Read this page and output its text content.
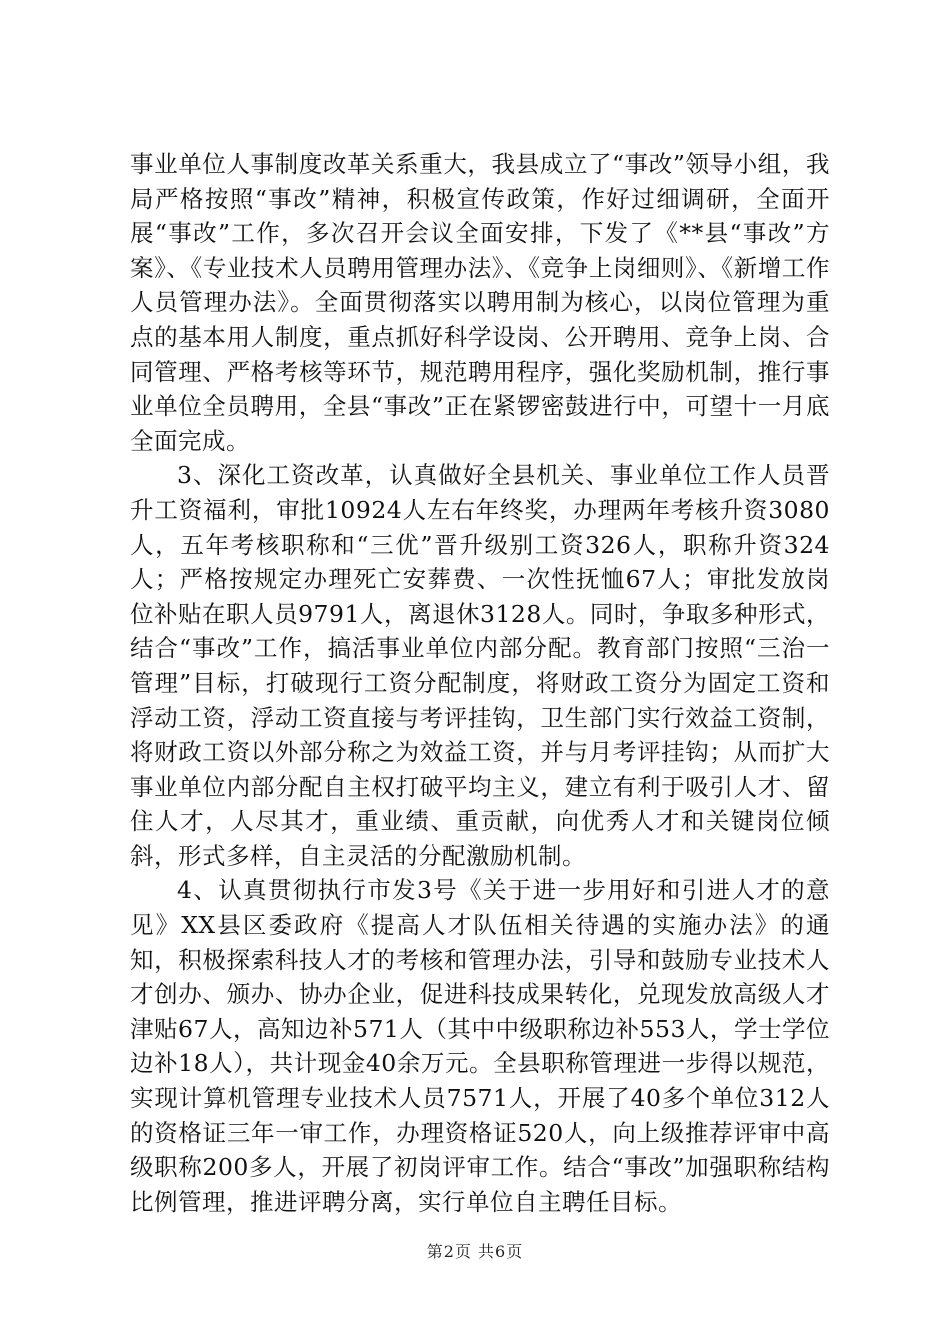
事业单位人事制度改革关系重大，我县成立了“事改”领导小组，我局严格按照“事改”精神，积极宣传政策，作好过细调研，全面开展“事改”工作，多次召开会议全面安排，下发了《**县“事改”方案》、《专业技术人员聘用管理办法》、《竞争上岗细则》、《新增工作人员管理办法》。全面贯彻落实以聘用制为核心，以岗位管理为重点的基本用人制度，重点抓好科学设岗、公开聘用、竞争上岗、合同管理、严格考核等环节，规范聘用程序，强化奖励机制，推行事业单位全员聘用，全县“事改”正在紧锣密鼓进行中，可望十一月底全面完成。

3、深化工资改革，认真做好全县机关、事业单位工作人员晋升工资福利，审批10924人左右年终奖，办理两年考核升资3080人，五年考核职称和“三优”晋升级别工资326人，职称升资324人；严格按规定办理死亡安葬费、一次性抚恤67人；审批发放岗位补贴在职人员9791人，离退休3128人。同时，争取多种形式，结合“事改”工作，搞活事业单位内部分配。教育部门按照“三治一管理”目标，打破现行工资分配制度，将财政工资分为固定工资和浮动工资，浮动工资直接与考评挂钩，卫生部门实行效益工资制，将财政工资以外部分称之为效益工资，并与月考评挂钩；从而扩大事业单位内部分配自主权打破平均主义，建立有利于吸引人才、留住人才，人尽其才，重业绩、重贡献，向优秀人才和关键岗位倾斜，形式多样，自主灵活的分配激励机制。

4、认真贯彻执行市发3号《关于进一步用好和引进人才的意见》XX县区委政府《提高人才队伍相关待遇的实施办法》的通知，积极探索科技人才的考核和管理办法，引导和鼓励专业技术人才创办、颁办、协办企业，促进科技成果转化，兑现发放高级人才津贴67人，高知边补571人（其中中级职称边补553人，学士学位边补18人），共计现金40余万元。全县职称管理进一步得以规范，实现计算机管理专业技术人员7571人，开展了40多个单位312人的资格证三年一审工作，办理资格证520人，向上级推荐评审中高级职称200多人，开展了初岗评审工作。结合“事改”加强职称结构比例管理，推进评聘分离，实行单位自主聘任目标。

第2页 共6页
